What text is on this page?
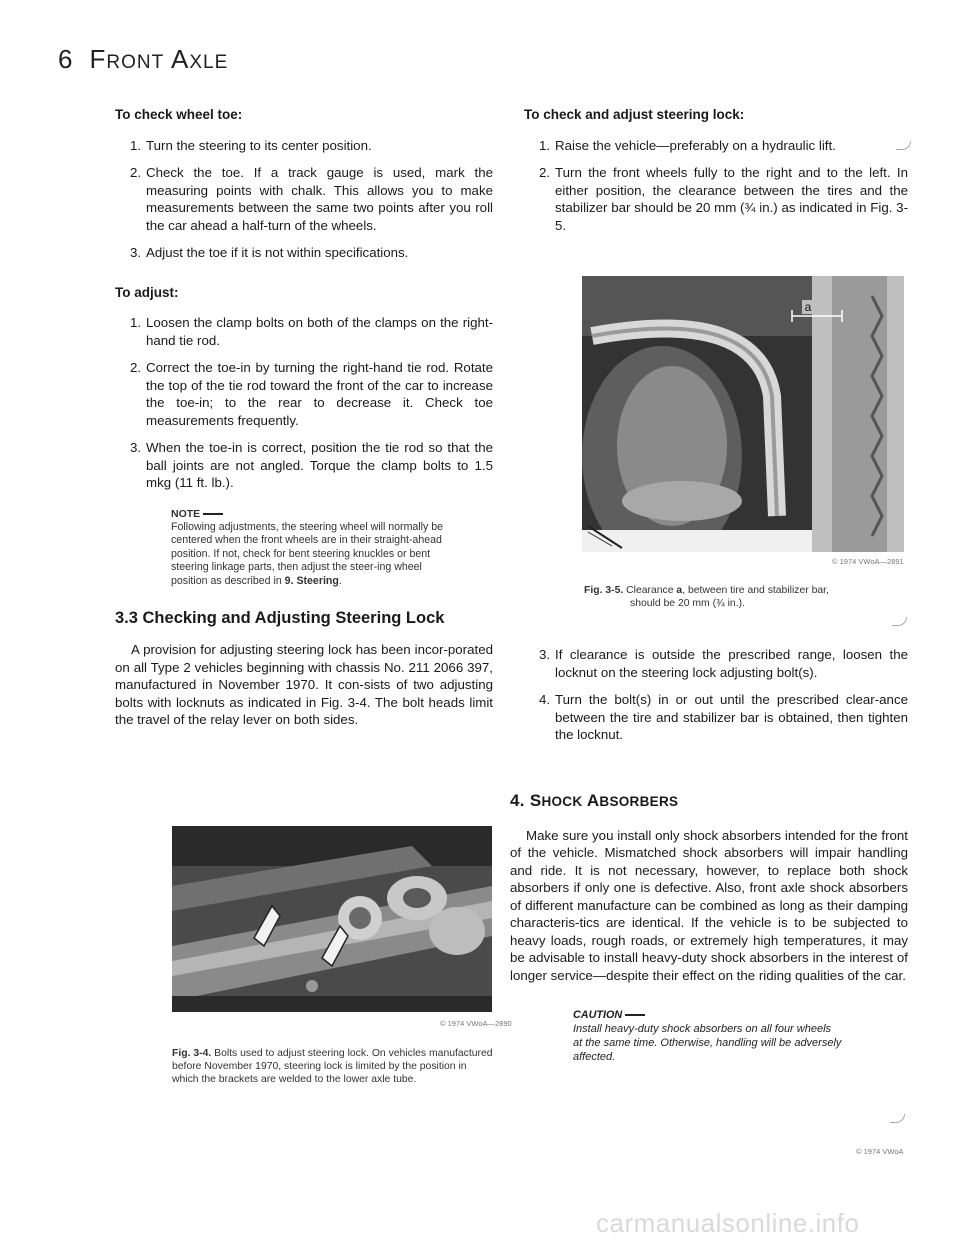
6 FRONT AXLE
To check wheel toe:
1. Turn the steering to its center position.
2. Check the toe. If a track gauge is used, mark the measuring points with chalk. This allows you to make measurements between the same two points after you roll the car ahead a half-turn of the wheels.
3. Adjust the toe if it is not within specifications.
To adjust:
1. Loosen the clamp bolts on both of the clamps on the right-hand tie rod.
2. Correct the toe-in by turning the right-hand tie rod. Rotate the top of the tie rod toward the front of the car to increase the toe-in; to the rear to decrease it. Check toe measurements frequently.
3. When the toe-in is correct, position the tie rod so that the ball joints are not angled. Torque the clamp bolts to 1.5 mkg (11 ft. lb.).
NOTE
Following adjustments, the steering wheel will normally be centered when the front wheels are in their straight-ahead position. If not, check for bent steering knuckles or bent steering linkage parts, then adjust the steer-ing wheel position as described in 9. Steering.
3.3 Checking and Adjusting Steering Lock

A provision for adjusting steering lock has been incor-porated on all Type 2 vehicles beginning with chassis No. 211 2066 397, manufactured in November 1970. It con-sists of two adjusting bolts with locknuts as indicated in Fig. 3-4. The bolt heads limit the travel of the relay lever on both sides.

© 1974 VWoA—2890
Fig. 3-4. Bolts used to adjust steering lock. On vehicles manufactured before November 1970, steering lock is limited by the position in which the brackets are welded to the lower axle tube.
To check and adjust steering lock:
1. Raise the vehicle—preferably on a hydraulic lift.
2. Turn the front wheels fully to the right and to the left. In either position, the clearance between the tires and the stabilizer bar should be 20 mm (¾ in.) as indicated in Fig. 3-5.
a
© 1974 VWoA—2891
Fig. 3-5. Clearance a, between tire and stabilizer bar,
should be 20 mm (¾ in.).
3. If clearance is outside the prescribed range, loosen the locknut on the steering lock adjusting bolt(s).
4. Turn the bolt(s) in or out until the prescribed clear-ance between the tire and stabilizer bar is obtained, then tighten the locknut.
4. SHOCK ABSORBERS

Make sure you install only shock absorbers intended for the front of the vehicle. Mismatched shock absorbers will impair handling and ride. It is not necessary, however, to replace both shock absorbers if only one is defective. Also, front axle shock absorbers of different manufacture can be combined as long as their damping characteris-tics are identical. If the vehicle is to be subjected to heavy loads, rough roads, or extremely high temperatures, it may be advisable to install heavy-duty shock absorbers in the interest of longer service—despite their effect on the riding qualities of the car.

CAUTION
Install heavy-duty shock absorbers on all four wheels at the same time. Otherwise, handling will be adversely affected.
© 1974 VWoA
carmanualsonline.info
